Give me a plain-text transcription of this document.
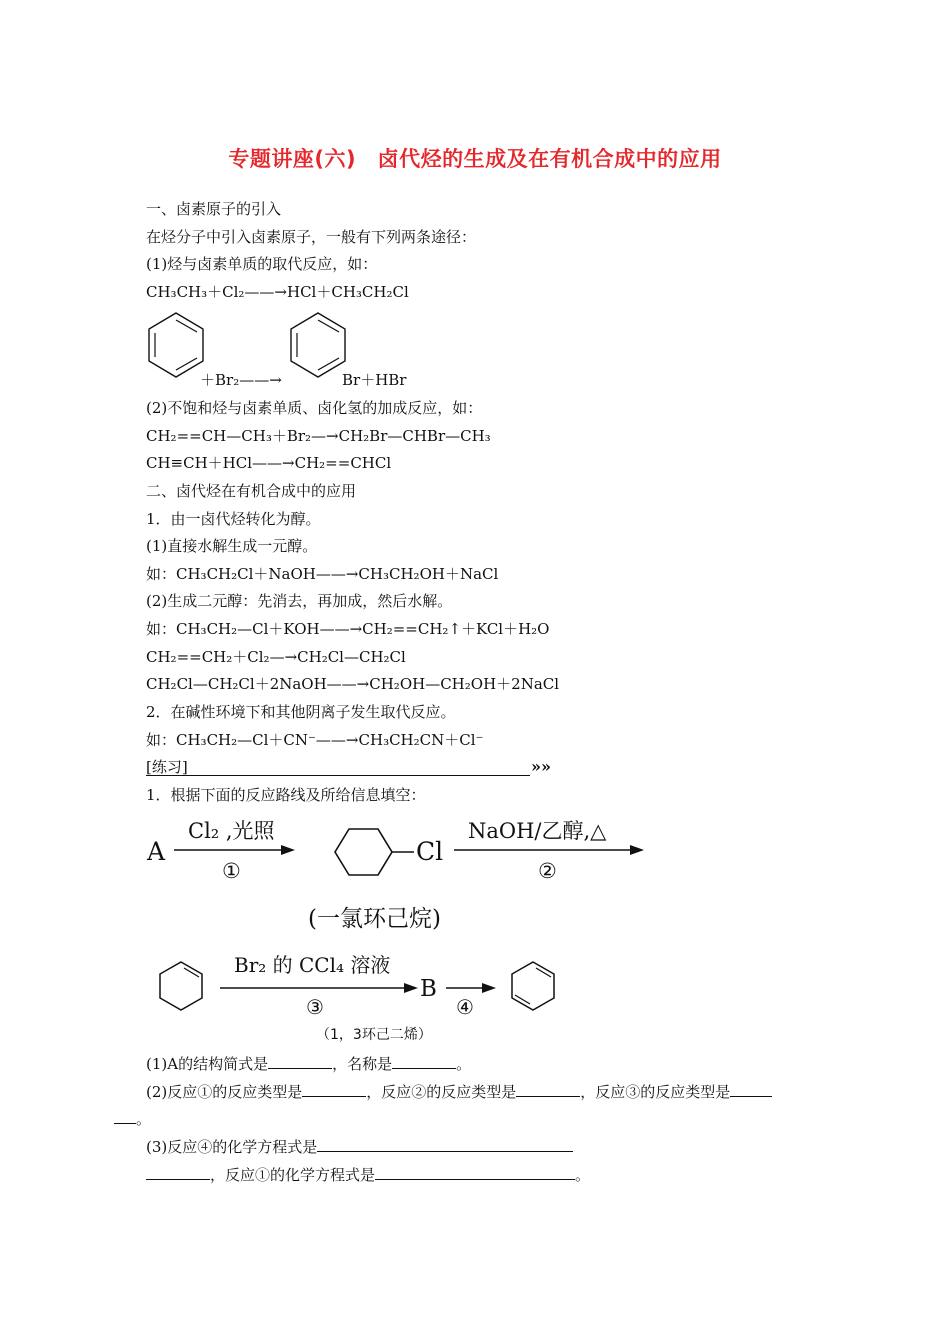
专题讲座(六)　卤代烃的生成及在有机合成中的应用
一、卤素原子的引入
在烃分子中引入卤素原子，一般有下列两条途径：
(1)烃与卤素单质的取代反应，如：
CH₃CH₃＋Cl₂——→HCl＋CH₃CH₂Cl
＋Br₂——→	Br＋HBr
(2)不饱和烃与卤素单质、卤化氢的加成反应，如：
CH₂==CH—CH₃＋Br₂—→CH₂Br—CHBr—CH₃
CH≡CH＋HCl——→CH₂==CHCl
二、卤代烃在有机合成中的应用
1．由一卤代烃转化为醇。
(1)直接水解生成一元醇。
如：CH₃CH₂Cl＋NaOH——→CH₃CH₂OH＋NaCl
(2)生成二元醇：先消去，再加成，然后水解。
如：CH₃CH₂—Cl＋KOH——→CH₂==CH₂↑＋KCl＋H₂O
CH₂==CH₂＋Cl₂—→CH₂Cl—CH₂Cl
CH₂Cl—CH₂Cl＋2NaOH——→CH₂OH—CH₂OH＋2NaCl
2．在碱性环境下和其他阴离子发生取代反应。
如：CH₃CH₂—Cl＋CN⁻——→CH₃CH₂CN＋Cl⁻
[练习]	»»
1．根据下面的反应路线及所给信息填空：
A
Cl₂ ,光照
①
Cl
NaOH/乙醇,△
②
(一氯环己烷)
Br₂ 的 CCl₄ 溶液
③
B
④
（1，3环己二烯）
(1)A的结构简式是	，名称是	。
(2)反应①的反应类型是	，反应②的反应类型是	，反应③的反应类型是
。
(3)反应④的化学方程式是
，反应①的化学方程式是	。
